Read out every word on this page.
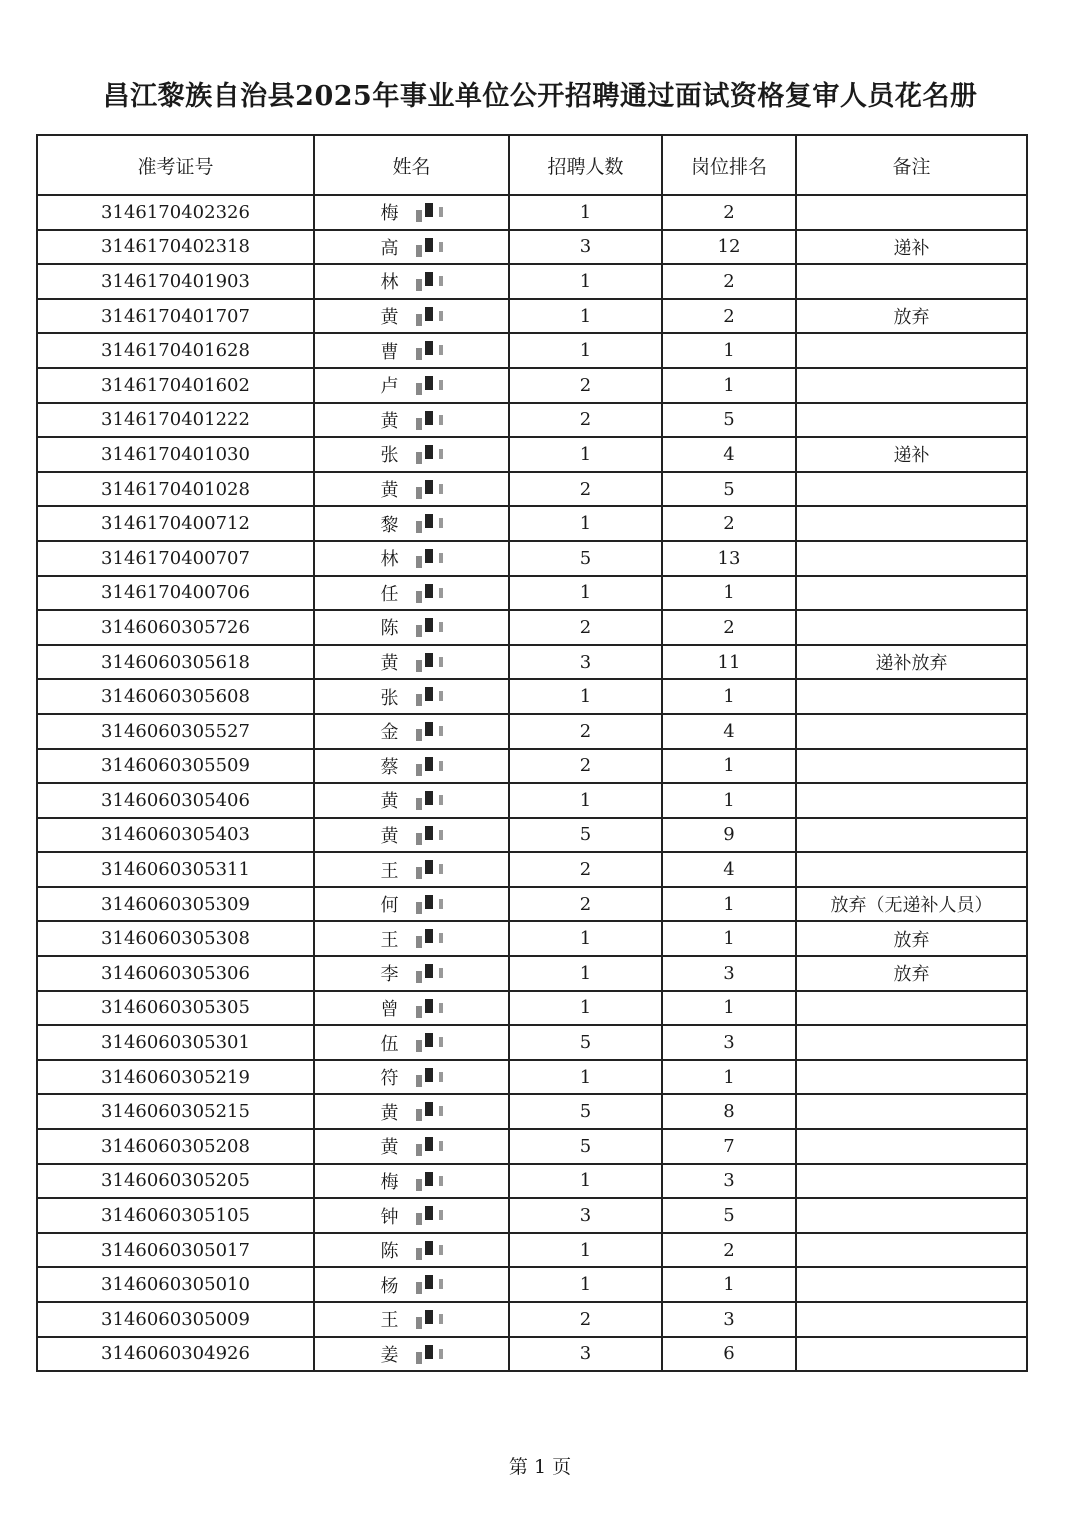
昌江黎族自治县2025年事业单位公开招聘通过面试资格复审人员花名册
准考证号	姓名	招聘人数	岗位排名	备注
3146170402326	梅	1	2	
3146170402318	高	3	12	递补
3146170401903	林	1	2	
3146170401707	黄	1	2	放弃
3146170401628	曹	1	1	
3146170401602	卢	2	1	
3146170401222	黄	2	5	
3146170401030	张	1	4	递补
3146170401028	黄	2	5	
3146170400712	黎	1	2	
3146170400707	林	5	13	
3146170400706	任	1	1	
3146060305726	陈	2	2	
3146060305618	黄	3	11	递补放弃
3146060305608	张	1	1	
3146060305527	金	2	4	
3146060305509	蔡	2	1	
3146060305406	黄	1	1	
3146060305403	黄	5	9	
3146060305311	王	2	4	
3146060305309	何	2	1	放弃（无递补人员）
3146060305308	王	1	1	放弃
3146060305306	李	1	3	放弃
3146060305305	曾	1	1	
3146060305301	伍	5	3	
3146060305219	符	1	1	
3146060305215	黄	5	8	
3146060305208	黄	5	7	
3146060305205	梅	1	3	
3146060305105	钟	3	5	
3146060305017	陈	1	2	
3146060305010	杨	1	1	
3146060305009	王	2	3	
3146060304926	姜	3	6	
第 1 页
